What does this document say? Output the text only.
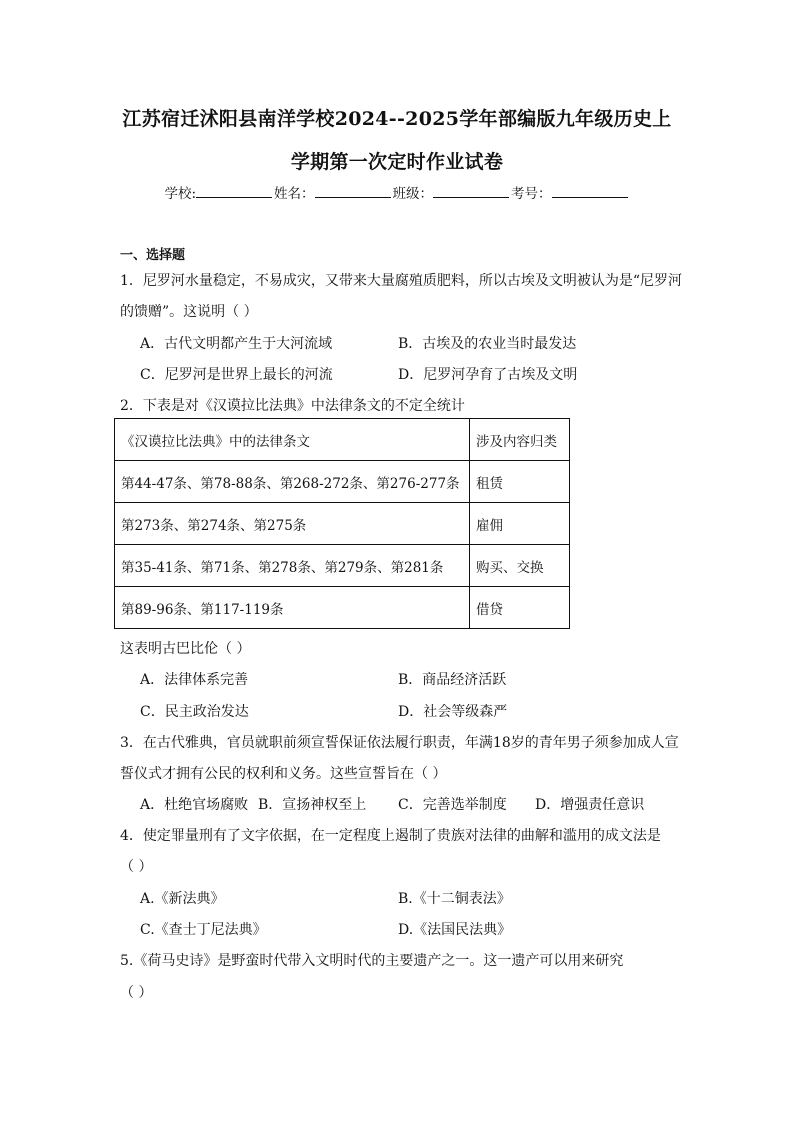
江苏宿迁沭阳县南洋学校2024--2025学年部编版九年级历史上
学期第一次定时作业试卷
学校:	姓名：	班级：	考号：

一、选择题

1．尼罗河水量稳定，不易成灾，又带来大量腐殖质肥料，所以古埃及文明被认为是“尼罗河

的馈赠”。这说明（ ）

A．古代文明都产生于大河流域	B．古埃及的农业当时最发达
C．尼罗河是世界上最长的河流	D．尼罗河孕育了古埃及文明

2．下表是对《汉谟拉比法典》中法律条文的不定全统计

《汉谟拉比法典》中的法律条文	涉及内容归类
第44-47条、第78-88条、第268-272条、第276-277条	租赁
第273条、第274条、第275条	雇佣
第35-41条、第71条、第278条、第279条、第281条	购买、交换
第89-96条、第117-119条	借贷

这表明古巴比伦（ ）

A．法律体系完善	B．商品经济活跃
C．民主政治发达	D．社会等级森严

3．在古代雅典，官员就职前须宣誓保证依法履行职责，年满18岁的青年男子须参加成人宣

誓仪式才拥有公民的权利和义务。这些宣誓旨在（ ）

A．杜绝官场腐败 B．宣扬神权至上 C．完善选举制度 D．增强责任意识

4．使定罪量刑有了文字依据，在一定程度上遏制了贵族对法律的曲解和滥用的成文法是

（ ）

A.《新法典》	B.《十二铜表法》
C.《查士丁尼法典》	D.《法国民法典》

5.《荷马史诗》是野蛮时代带入文明时代的主要遗产之一。这一遗产可以用来研究

（ ）
